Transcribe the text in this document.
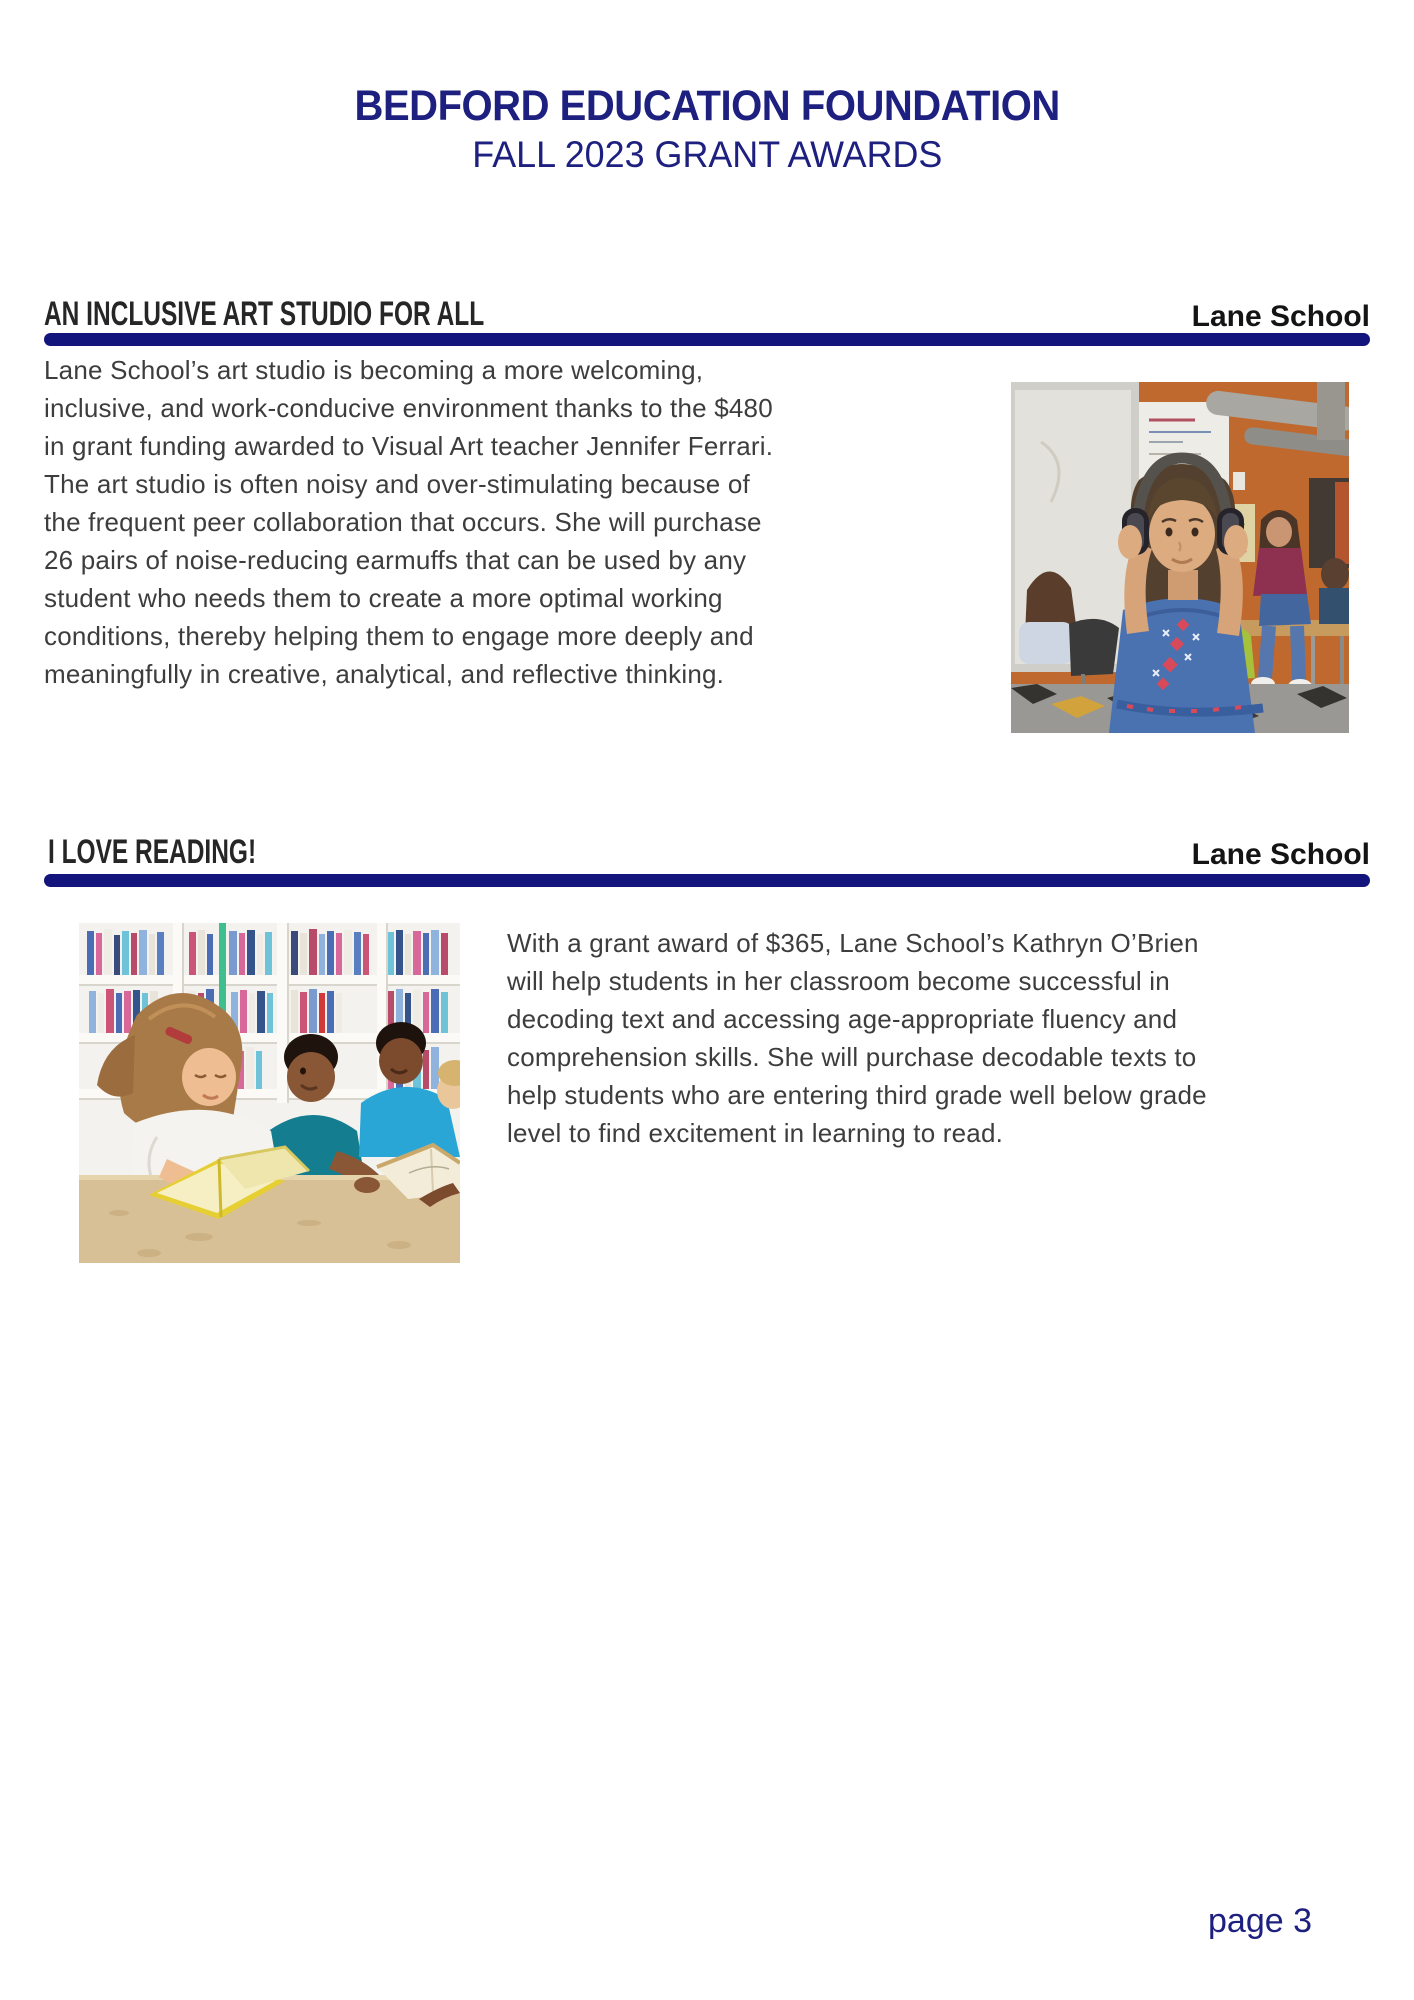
BEDFORD EDUCATION FOUNDATION
FALL 2023 GRANT AWARDS
AN INCLUSIVE ART STUDIO FOR ALL	Lane School
Lane School’s art studio is becoming a more welcoming, inclusive, and work-conducive environment thanks to the $480 in grant funding awarded to Visual Art teacher Jennifer Ferrari. The art studio is often noisy and over-stimulating because of the frequent peer collaboration that occurs. She will purchase 26 pairs of noise-reducing earmuffs that can be used by any student who needs them to create a more optimal working conditions, thereby helping them to engage more deeply and meaningfully in creative, analytical, and reflective thinking.
I LOVE READING!	Lane School
With a grant award of $365, Lane School’s Kathryn O’Brien will help students in her classroom become successful in decoding text and accessing age-appropriate fluency and comprehension skills. She will purchase decodable texts to help students who are entering third grade well below grade level to find excitement in learning to read.
page 3
